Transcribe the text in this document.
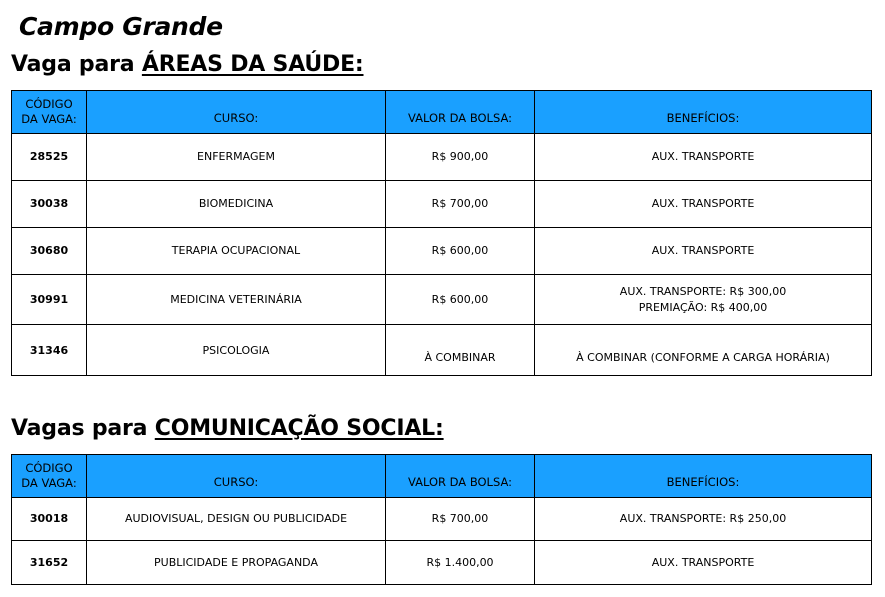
Campo Grande
Vaga para ÁREAS DA SAÚDE:
CÓDIGO DA VAGA:	CURSO:	VALOR DA BOLSA:	BENEFÍCIOS:
28525	ENFERMAGEM	R$ 900,00	AUX. TRANSPORTE
30038	BIOMEDICINA	R$ 700,00	AUX. TRANSPORTE
30680	TERAPIA OCUPACIONAL	R$ 600,00	AUX. TRANSPORTE
30991	MEDICINA VETERINÁRIA	R$ 600,00	AUX. TRANSPORTE: R$ 300,00
PREMIAÇÃO: R$ 400,00

31346	PSICOLOGIA	À COMBINAR	À COMBINAR (CONFORME A CARGA HORÁRIA)
Vagas para COMUNICAÇÃO SOCIAL:
CÓDIGO DA VAGA:	CURSO:	VALOR DA BOLSA:	BENEFÍCIOS:
30018	AUDIOVISUAL, DESIGN OU PUBLICIDADE	R$ 700,00	AUX. TRANSPORTE: R$ 250,00
31652	PUBLICIDADE E PROPAGANDA	R$ 1.400,00	AUX. TRANSPORTE
